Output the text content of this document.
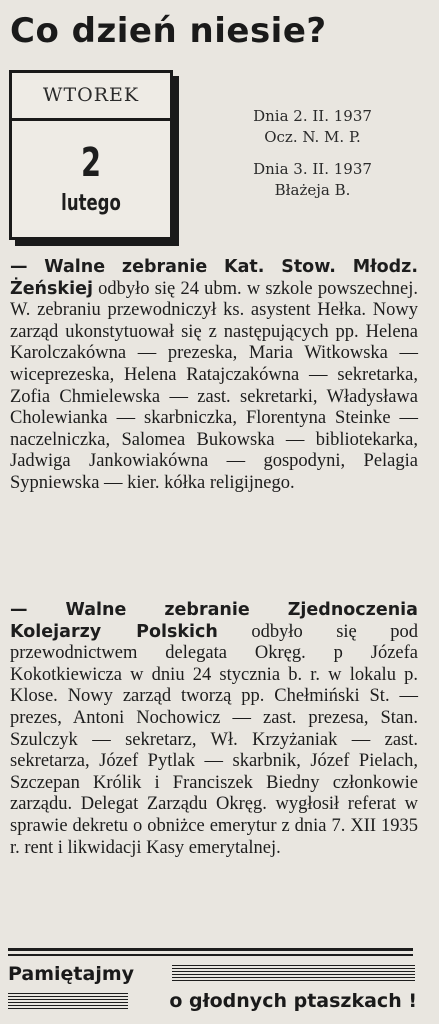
Co dzień niesie?
WTOREK
2
lutego
Dnia 2. II. 1937
Ocz. N. M. P.
Dnia 3. II. 1937
Błażeja B.
— Walne zebranie Kat. Stow. Młodz. Żeńskiej odbyło się 24 ubm. w szkole powszechnej. W. zebraniu przewodniczył ks. asystent Hełka. Nowy zarząd ukonstytuował się z następujących pp. Helena Karolczakówna — prezeska, Maria Witkowska — wiceprezeska, Helena Ratajczakówna — sekretarka, Zofia Chmielewska — zast. sekretarki, Władysława Cholewianka — skarbniczka, Florentyna Steinke — naczelniczka, Salomea Bukowska — bibliotekarka, Jadwiga Jankowiakówna — gospodyni, Pelagia Sypniewska — kier. kółka religijnego.
— Walne zebranie Zjednoczenia Kolejarzy Polskich odbyło się pod przewodnictwem delegata Okręg. p Józefa Kokotkiewicza w dniu 24 stycznia b. r. w lokalu p. Klose. Nowy zarząd tworzą pp. Chełmiński St. — prezes, Antoni Nochowicz — zast. prezesa, Stan. Szulczyk — sekretarz, Wł. Krzyżaniak — zast. sekretarza, Józef Pytlak — skarbnik, Józef Pielach, Szczepan Królik i Franciszek Biedny członkowie zarządu. Delegat Zarządu Okręg. wygłosił referat w sprawie dekretu o obniżce emerytur z dnia 7. XII 1935 r. rent i likwidacji Kasy emerytalnej.
Pamiętajmy
o głodnych ptaszkach !
